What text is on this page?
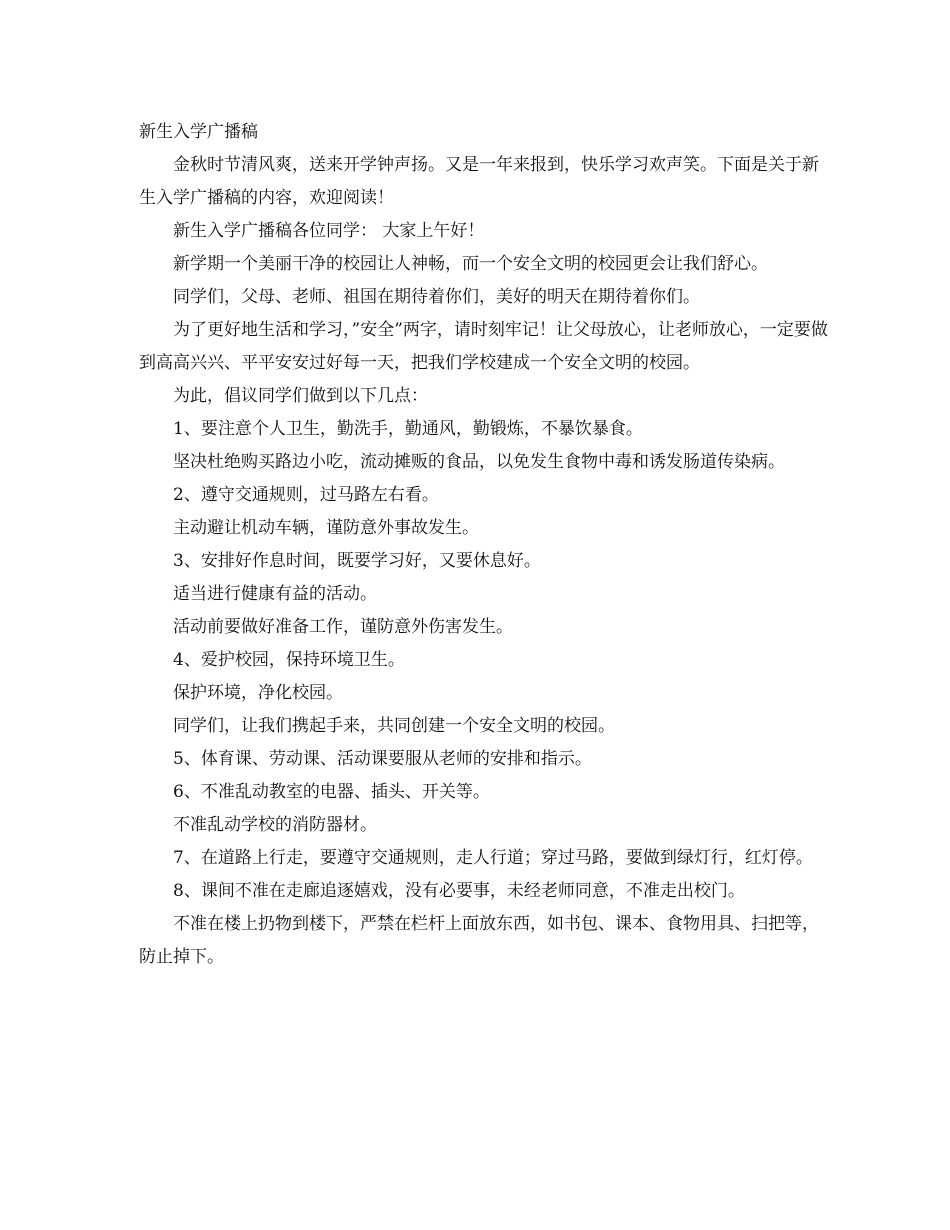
新生入学广播稿

金秋时节清风爽，送来开学钟声扬。又是一年来报到，快乐学习欢声笑。下面是关于新生入学广播稿的内容，欢迎阅读！

新生入学广播稿各位同学： 大家上午好！

新学期一个美丽干净的校园让人神畅，而一个安全文明的校园更会让我们舒心。

同学们，父母、老师、祖国在期待着你们，美好的明天在期待着你们。

为了更好地生活和学习，”安全”两字，请时刻牢记！让父母放心，让老师放心，一定要做到高高兴兴、平平安安过好每一天，把我们学校建成一个安全文明的校园。

为此，倡议同学们做到以下几点：

1、要注意个人卫生，勤洗手，勤通风，勤锻炼，不暴饮暴食。

坚决杜绝购买路边小吃，流动摊贩的食品，以免发生食物中毒和诱发肠道传染病。

2、遵守交通规则，过马路左右看。

主动避让机动车辆，谨防意外事故发生。

3、安排好作息时间，既要学习好，又要休息好。

适当进行健康有益的活动。

活动前要做好准备工作，谨防意外伤害发生。

4、爱护校园，保持环境卫生。

保护环境，净化校园。

同学们，让我们携起手来，共同创建一个安全文明的校园。

5、体育课、劳动课、活动课要服从老师的安排和指示。

6、不准乱动教室的电器、插头、开关等。

不准乱动学校的消防器材。

7、在道路上行走，要遵守交通规则，走人行道；穿过马路，要做到绿灯行，红灯停。

8、课间不准在走廊追逐嬉戏，没有必要事，未经老师同意，不准走出校门。

不准在楼上扔物到楼下，严禁在栏杆上面放东西，如书包、课本、食物用具、扫把等，防止掉下。
